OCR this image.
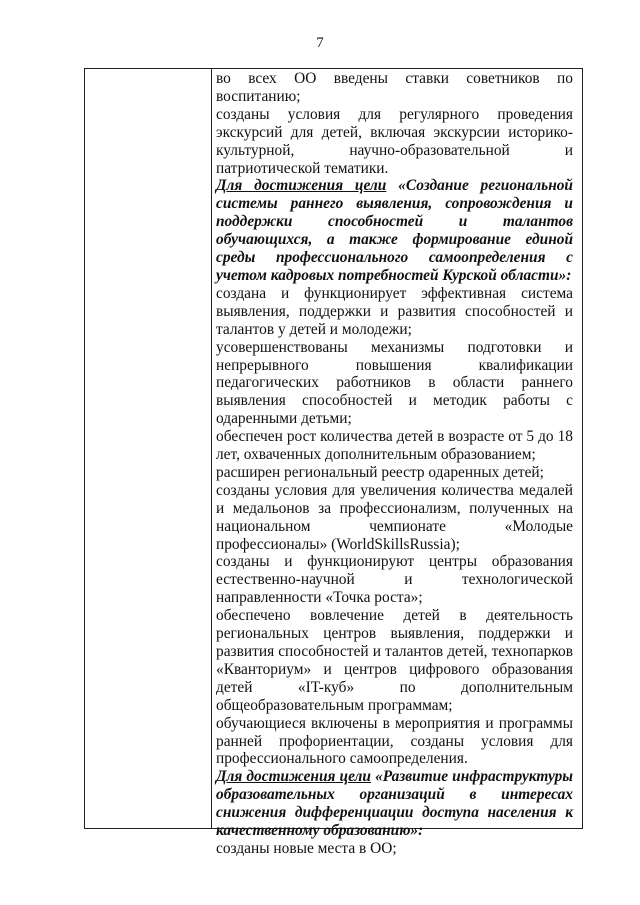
7

во всех ОО введены ставки советников по воспитанию;

созданы условия для регулярного проведения экскурсий для детей, включая экскурсии историко-культурной, научно-образовательной и патриотической тематики.

Для достижения цели «Создание региональной системы раннего выявления, сопровождения и поддержки способностей и талантов обучающихся, а также формирование единой среды профессионального самоопределения с учетом кадровых потребностей Курской области»:

создана и функционирует эффективная система выявления, поддержки и развития способностей и талантов у детей и молодежи;

усовершенствованы механизмы подготовки и непрерывного повышения квалификации педагогических работников в области раннего выявления способностей и методик работы с одаренными детьми;

обеспечен рост количества детей в возрасте от 5 до 18 лет, охваченных дополнительным образованием;

расширен региональный реестр одаренных детей;

созданы условия для увеличения количества медалей и медальонов за профессионализм, полученных на национальном чемпионате «Молодые профессионалы» (WorldSkillsRussia);

созданы и функционируют центры образования естественно-научной и технологической направленности «Точка роста»;

обеспечено вовлечение детей в деятельность региональных центров выявления, поддержки и развития способностей и талантов детей, технопарков «Кванториум» и центров цифрового образования детей «IT-куб» по дополнительным общеобразовательным программам;

обучающиеся включены в мероприятия и программы ранней профориентации, созданы условия для профессионального самоопределения.

Для достижения цели «Развитие инфраструктуры образовательных организаций в интересах снижения дифференциации доступа населения к качественному образованию»:

созданы новые места в ОО;
